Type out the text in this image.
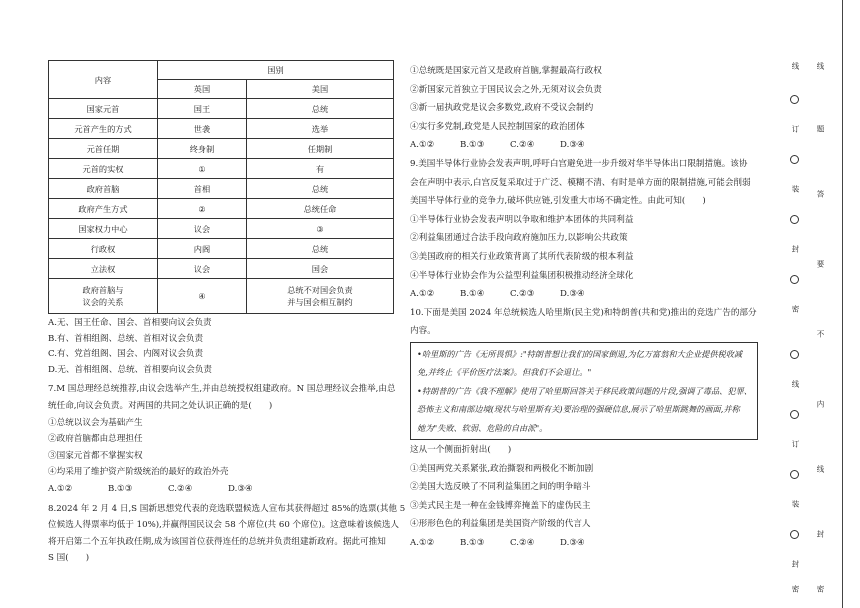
内容	国别	
	英国	美国
国家元首	国王	总统
元首产生的方式	世袭	选举
元首任期	终身制	任期制
元首的实权	①	有
政府首脑	首相	总统
政府产生方式	②	总统任命
国家权力中心	议会	③
行政权	内阁	总统
立法权	议会	国会
政府首脑与
议会的关系	④	总统不对国会负责
并与国会相互制约
A.无、国王任命、国会、首相要向议会负责
B.有、首相组阁、总统、首相对议会负责
C.有、党首组阁、国会、内阁对议会负责
D.无、首相组阁、总统、首相要向议会负责
7.M 国总理经总统推荐,由议会选举产生,并由总统授权组建政府。N 国总理经议会推举,由总
统任命,向议会负责。对两国的共同之处认识正确的是(　　)
①总统以议会为基础产生
②政府首脑都由总理担任
③国家元首都不掌握实权
④均采用了维护资产阶级统治的最好的政治外壳
A.①②	B.①③	C.②④	D.③④
8.2024 年 2 月 4 日,S 国新思想党代表的竞选联盟候选人宣布其获得超过 85%的选票(其他 5
位候选人得票率均低于 10%),并赢得国民议会 58 个席位(共 60 个席位)。这意味着该候选人
将开启第二个五年执政任期,成为该国首位获得连任的总统并负责组建新政府。据此可推知
S 国(　　)
①总统既是国家元首又是政府首脑,掌握最高行政权
②新国家元首独立于国民议会之外,无须对议会负责
③新一届执政党是议会多数党,政府不受议会制约
④实行多党制,政党是人民控制国家的政治团体
A.①②	B.①③	C.②④	D.③④
9.美国半导体行业协会发表声明,呼吁白宫避免进一步升级对华半导体出口限制措施。该协
会在声明中表示,白宫反复采取过于广泛、模糊不清、有时是单方面的限制措施,可能会削弱
美国半导体行业的竞争力,破坏供应链,引发重大市场不确定性。由此可知(　　)
①半导体行业协会发表声明以争取和维护本团体的共同利益
②利益集团通过合法手段向政府施加压力,以影响公共政策
③美国政府的相关行业政策背离了其所代表阶级的根本利益
④半导体行业协会作为公益型利益集团积极推动经济全球化
A.①②	B.①④	C.②③	D.③④
10.下面是美国 2024 年总统候选人哈里斯(民主党)和特朗普(共和党)推出的竞选广告的部分
内容。
•哈里斯的广告《无所畏惧》:"特朗普想让我们的国家倒退,为亿万富翁和大企业提供税收减
免,并终止《平价医疗法案》。但我们不会退让。"
•特朗普的广告《我不理解》使用了哈里斯回答关于移民政策问题的片段,强调了毒品、犯罪、
恐怖主义和南部边境(现状与哈里斯有关)要治理的强硬信息,展示了哈里斯跳舞的画面,并称
她为"失败、软弱、危险的自由派"。
这从一个侧面折射出(　　)
①美国两党关系紧张,政治撕裂和两极化不断加剧
②美国大选反映了不同利益集团之间的明争暗斗
③美式民主是一种在金钱博弈掩盖下的虚伪民主
④形形色色的利益集团是美国资产阶级的代言人
A.①②	B.①③	C.②④	D.③④
线
订
装
封
密
线
订
装
封
密
线
题
答
要
不
内
线
封
密
